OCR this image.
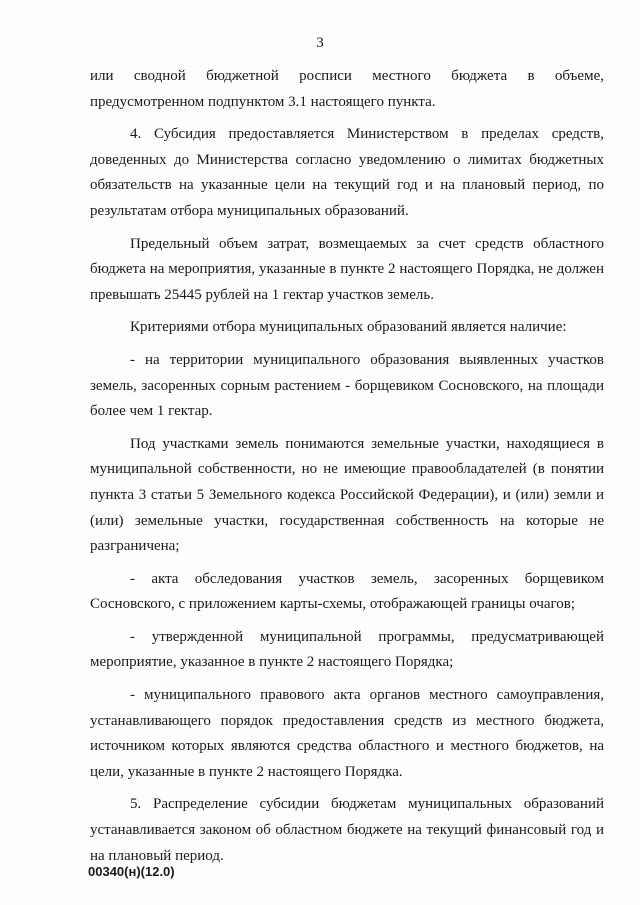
3

или сводной бюджетной росписи местного бюджета в объеме, предусмотренном подпунктом 3.1 настоящего пункта.

4. Субсидия предоставляется Министерством в пределах средств, доведенных до Министерства согласно уведомлению о лимитах бюджетных обязательств на указанные цели на текущий год и на плановый период, по результатам отбора муниципальных образований.

Предельный объем затрат, возмещаемых за счет средств областного бюджета на мероприятия, указанные в пункте 2 настоящего Порядка, не должен превышать 25445 рублей на 1 гектар участков земель.

Критериями отбора муниципальных образований является наличие:

- на территории муниципального образования выявленных участков земель, засоренных сорным растением - борщевиком Сосновского, на площади более чем 1 гектар.

Под участками земель понимаются земельные участки, находящиеся в муниципальной собственности, но не имеющие правообладателей (в понятии пункта 3 статьи 5 Земельного кодекса Российской Федерации), и (или) земли и (или) земельные участки, государственная собственность на которые не разграничена;

- акта обследования участков земель, засоренных борщевиком Сосновского, с приложением карты-схемы, отображающей границы очагов;

- утвержденной муниципальной программы, предусматривающей мероприятие, указанное в пункте 2 настоящего Порядка;

- муниципального правового акта органов местного самоуправления, устанавливающего порядок предоставления средств из местного бюджета, источником которых являются средства областного и местного бюджетов, на цели, указанные в пункте 2 настоящего Порядка.

5. Распределение субсидии бюджетам муниципальных образований устанавливается законом об областном бюджете на текущий финансовый год и на плановый период.

00340(н)(12.0)
